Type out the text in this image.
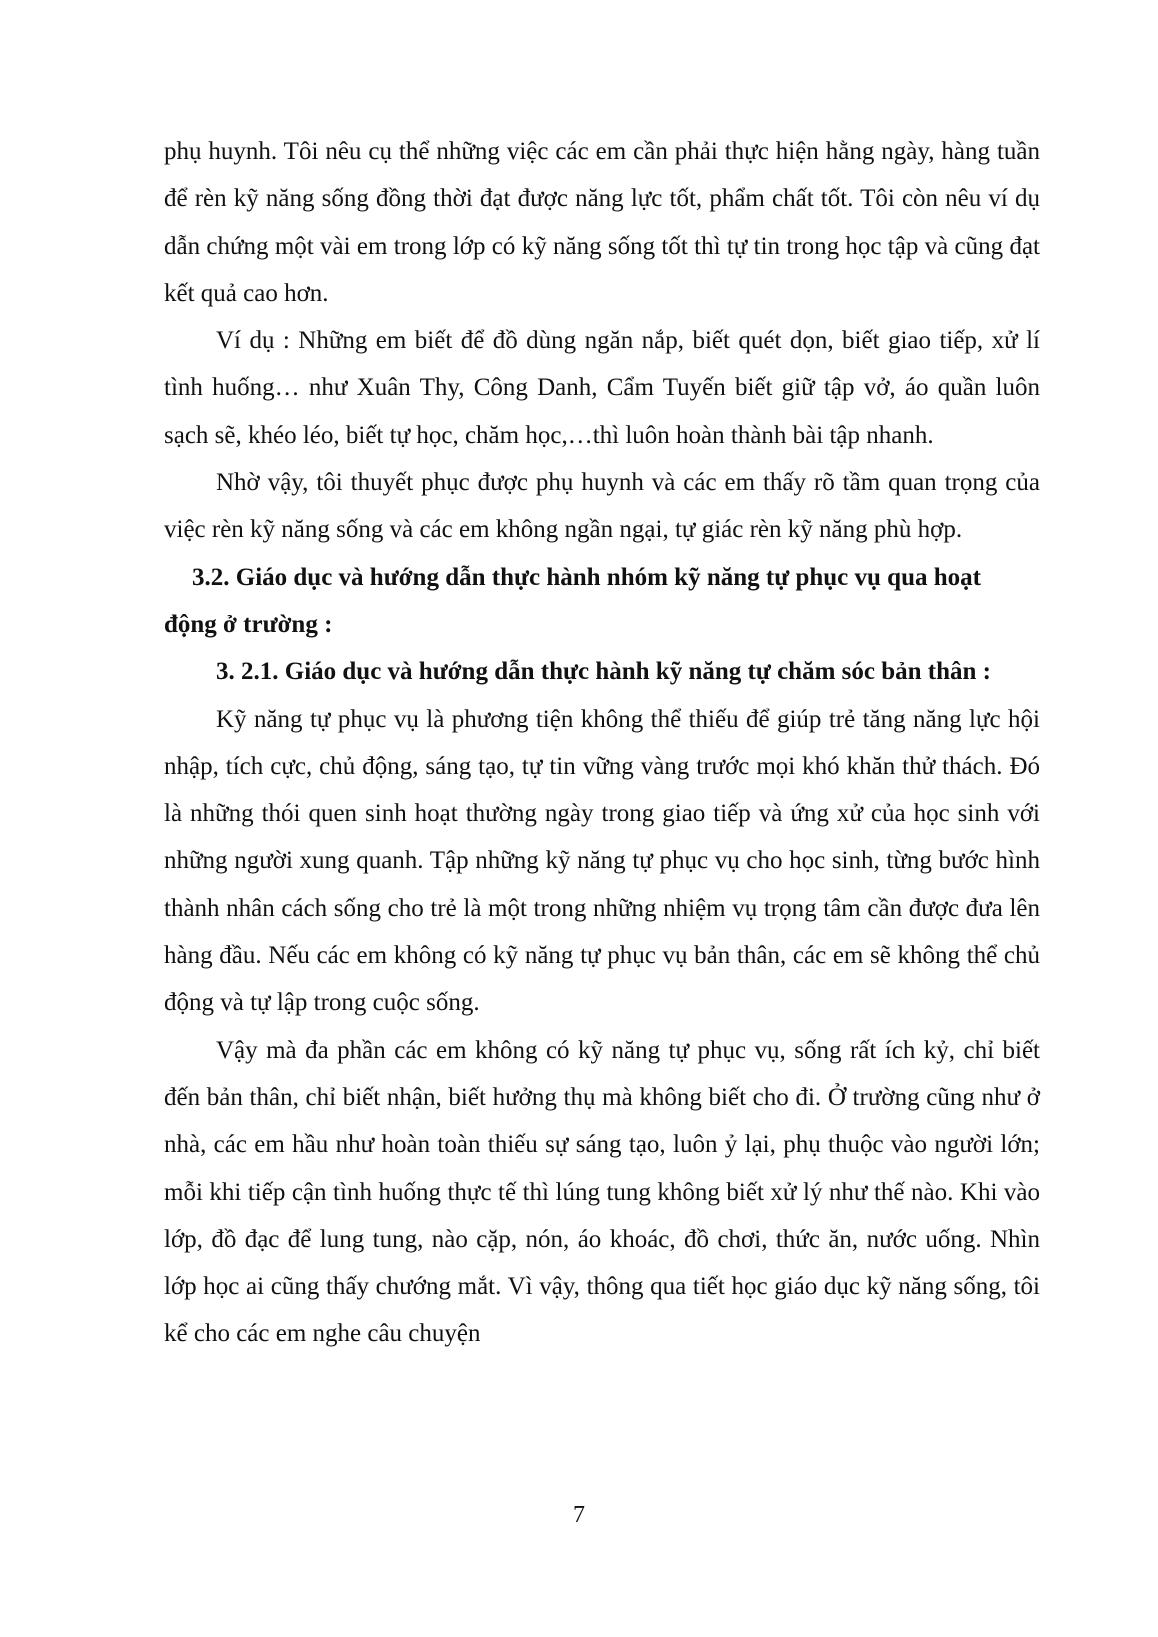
phụ huynh. Tôi nêu cụ thể những việc các em cần phải thực hiện hằng ngày, hàng tuần để rèn kỹ năng sống đồng thời đạt được năng lực tốt, phẩm chất tốt. Tôi còn nêu ví dụ dẫn chứng một vài em trong lớp có kỹ năng sống tốt thì tự tin trong học tập và cũng đạt kết quả cao hơn.

Ví dụ : Những em biết để đồ dùng ngăn nắp, biết quét dọn, biết giao tiếp, xử lí tình huống… như Xuân Thy, Công Danh, Cẩm Tuyến biết giữ tập vở, áo quần luôn sạch sẽ, khéo léo, biết tự học, chăm học,…thì luôn hoàn thành bài tập nhanh.

Nhờ vậy, tôi thuyết phục được phụ huynh và các em thấy rõ tầm quan trọng của việc rèn kỹ năng sống và các em không ngần ngại, tự giác rèn kỹ năng phù hợp.

3.2. Giáo dục và hướng dẫn thực hành nhóm kỹ năng tự phục vụ qua hoạt động ở trường :

3. 2.1. Giáo dục và hướng dẫn thực hành kỹ năng tự chăm sóc bản thân :

Kỹ năng tự phục vụ là phương tiện không thể thiếu để giúp trẻ tăng năng lực hội nhập, tích cực, chủ động, sáng tạo, tự tin vững vàng trước mọi khó khăn thử thách. Đó là những thói quen sinh hoạt thường ngày trong giao tiếp và ứng xử của học sinh với những người xung quanh. Tập những kỹ năng tự phục vụ cho học sinh, từng bước hình thành nhân cách sống cho trẻ là một trong những nhiệm vụ trọng tâm cần được đưa lên hàng đầu. Nếu các em không có kỹ năng tự phục vụ bản thân, các em sẽ không thể chủ động và tự lập trong cuộc sống.

Vậy mà đa phần các em không có kỹ năng tự phục vụ, sống rất ích kỷ, chỉ biết đến bản thân, chỉ biết nhận, biết hưởng thụ mà không biết cho đi. Ở trường cũng như ở nhà, các em hầu như hoàn toàn thiếu sự sáng tạo, luôn ỷ lại, phụ thuộc vào người lớn; mỗi khi tiếp cận tình huống thực tế thì lúng tung không biết xử lý như thế nào. Khi vào lớp, đồ đạc để lung tung, nào cặp, nón, áo khoác, đồ chơi, thức ăn, nước uống. Nhìn lớp học ai cũng thấy chướng mắt. Vì vậy, thông qua tiết học giáo dục kỹ năng sống, tôi kể cho các em nghe câu chuyện

7
